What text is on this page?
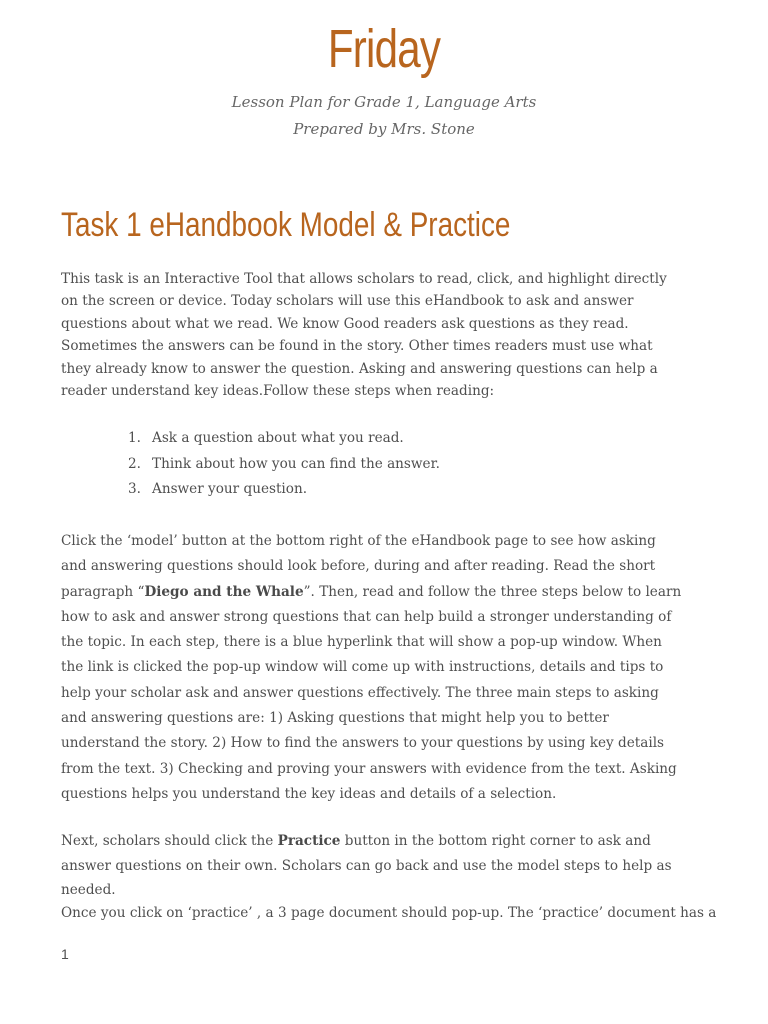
Friday
Lesson Plan for Grade 1, Language Arts
Prepared by Mrs. Stone
Task 1 eHandbook Model & Practice

This task is an Interactive Tool that allows scholars to read, click, and highlight directly on the screen or device. Today scholars will use this eHandbook to ask and answer questions about what we read. We know Good readers ask questions as they read. Sometimes the answers can be found in the story. Other times readers must use what they already know to answer the question. Asking and answering questions can help a reader understand key ideas.Follow these steps when reading:

1. Ask a question about what you read.
2. Think about how you can find the answer.
3. Answer your question.

Click the ‘model’ button at the bottom right of the eHandbook page to see how asking and answering questions should look before, during and after reading. Read the short paragraph “Diego and the Whale”. Then, read and follow the three steps below to learn how to ask and answer strong questions that can help build a stronger understanding of the topic. In each step, there is a blue hyperlink that will show a pop-up window. When the link is clicked the pop-up window will come up with instructions, details and tips to help your scholar ask and answer questions effectively. The three main steps to asking and answering questions are: 1) Asking questions that might help you to better understand the story. 2) How to find the answers to your questions by using key details from the text. 3) Checking and proving your answers with evidence from the text. Asking questions helps you understand the key ideas and details of a selection.

Next, scholars should click the Practice button in the bottom right corner to ask and answer questions on their own. Scholars can go back and use the model steps to help as needed.

Once you click on ‘practice’ , a 3 page document should pop-up. The ‘practice’ document has a

1
